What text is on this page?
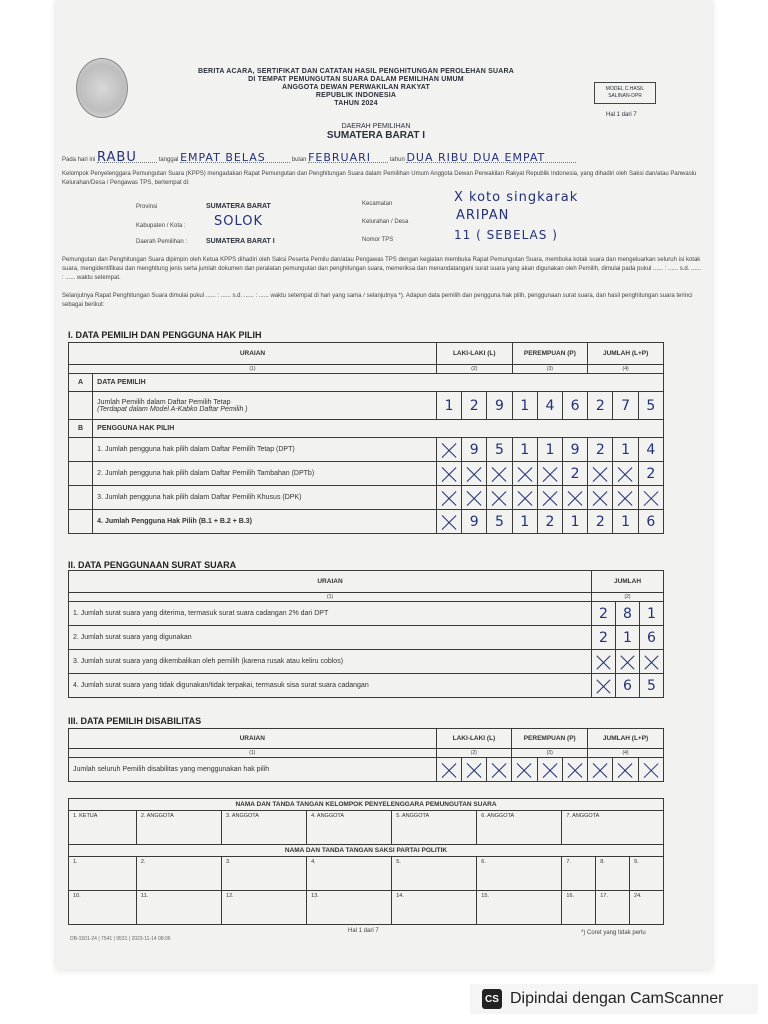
BERITA ACARA, SERTIFIKAT DAN CATATAN HASIL PENGHITUNGAN PEROLEHAN SUARA
DI TEMPAT PEMUNGUTAN SUARA DALAM PEMILIHAN UMUM
ANGGOTA DEWAN PERWAKILAN RAKYAT
REPUBLIK INDONESIA
TAHUN 2024
MODEL C.HASIL SALINAN-DPR
Hal 1 dari 7
DAERAH PEMILIHAN
SUMATERA BARAT I
Pada hari ini RABU	tanggal EMPAT BELAS	bulan FEBRUARI	tahun DUA RIBU DUA EMPAT
Kelompok Penyelenggara Pemungutan Suara (KPPS) mengadakan Rapat Pemungutan dan Penghitungan Suara dalam Pemilihan Umum Anggota Dewan Perwakilan Rakyat Republik Indonesia, yang dihadiri oleh Saksi dan/atau Panwaslu Kelurahan/Desa / Pengawas TPS, bertempat di:
Provinsi	SUMATERA BARAT
Kabupaten / Kota : SOLOK
Daerah Pemilihan :	SUMATERA BARAT I
Kecamatan	X koto singkarak
Kelurahan / Desa	ARIPAN
Nomor TPS	11 ( SEBELAS )
Pemungutan dan Penghitungan Suara dipimpin oleh Ketua KPPS dihadiri oleh Saksi Peserta Pemilu dan/atau Pengawas TPS dengan kegiatan membuka Rapat Pemungutan Suara, membuka kotak suara dan mengeluarkan seluruh isi kotak suara, mengidentifikasi dan menghitung jenis serta jumlah dokumen dan peralatan pemungutan dan penghitungan suara, memeriksa dan menandatangani surat suara yang akan digunakan oleh Pemilih, dimulai pada pukul ...... : ...... s.d. ...... : ...... waktu setempat.
Selanjutnya Rapat Penghitungan Suara dimulai pukul ...... : ...... s.d. ...... : ...... waktu setempat di hari yang sama / selanjutnya *). Adapun data pemilih dan pengguna hak pilih, penggunaan surat suara, dan hasil penghitungan suara terinci sebagai berikut:
I. DATA PEMILIH DAN PENGGUNA HAK PILIH
URAIAN		LAKI-LAKI (L)			PEREMPUAN (P)			JUMLAH (L+P)		
(1)		(2)			(3)			(4)		
A	DATA PEMILIH									

	Jumlah Pemilih dalam Daftar Pemilih Tetap
(Terdapat dalam Model A-Kabko Daftar Pemilih )	1	2	9	1	4	6	2	7	5
B	PENGGUNA HAK PILIH									
	1. Jumlah pengguna hak pilih dalam Daftar Pemilih Tetap (DPT)		9	5	1	1	9	2	1	4
	2. Jumlah pengguna hak pilih dalam Daftar Pemilih Tambahan (DPTb)						2			2
	3. Jumlah pengguna hak pilih dalam Daftar Pemilih Khusus (DPK)									
	4. Jumlah Pengguna Hak Pilih (B.1 + B.2 + B.3)		9	5	1	2	1	2	1	6
II. DATA PENGGUNAAN SURAT SUARA
URAIAN	JUMLAH		
(1)	(2)		
1. Jumlah surat suara yang diterima, termasuk surat suara cadangan 2% dari DPT	2	8	1
2. Jumlah surat suara yang digunakan	2	1	6
3. Jumlah surat suara yang dikembalikan oleh pemilih (karena rusak atau keliru coblos)			
4. Jumlah surat suara yang tidak digunakan/tidak terpakai, termasuk sisa surat suara cadangan		6	5
III. DATA PEMILIH DISABILITAS
URAIAN	LAKI-LAKI (L)			PEREMPUAN (P)			JUMLAH (L+P)		
(1)	(2)			(3)			(4)		
Jumlah seluruh Pemilih disabilitas yang menggunakan hak pilih									
NAMA DAN TANDA TANGAN KELOMPOK PENYELENGGARA PEMUNGUTAN SUARA								
1. KETUA	2. ANGGOTA	3. ANGGOTA	4. ANGGOTA	5. ANGGOTA	6. ANGGOTA	7. ANGGOTA		
NAMA DAN TANDA TANGAN SAKSI PARTAI POLITIK								
1.	2.	3.	4.	5.	6.	7.	8.	9.
10.	11.	12.	13.	14.	15.	16.	17.	24.
DB-1501-24 | 7541 | 9531 | 2023-11-14 08:06
Hal 1 dari 7	*) Coret yang tidak perlu
CS Dipindai dengan CamScanner
